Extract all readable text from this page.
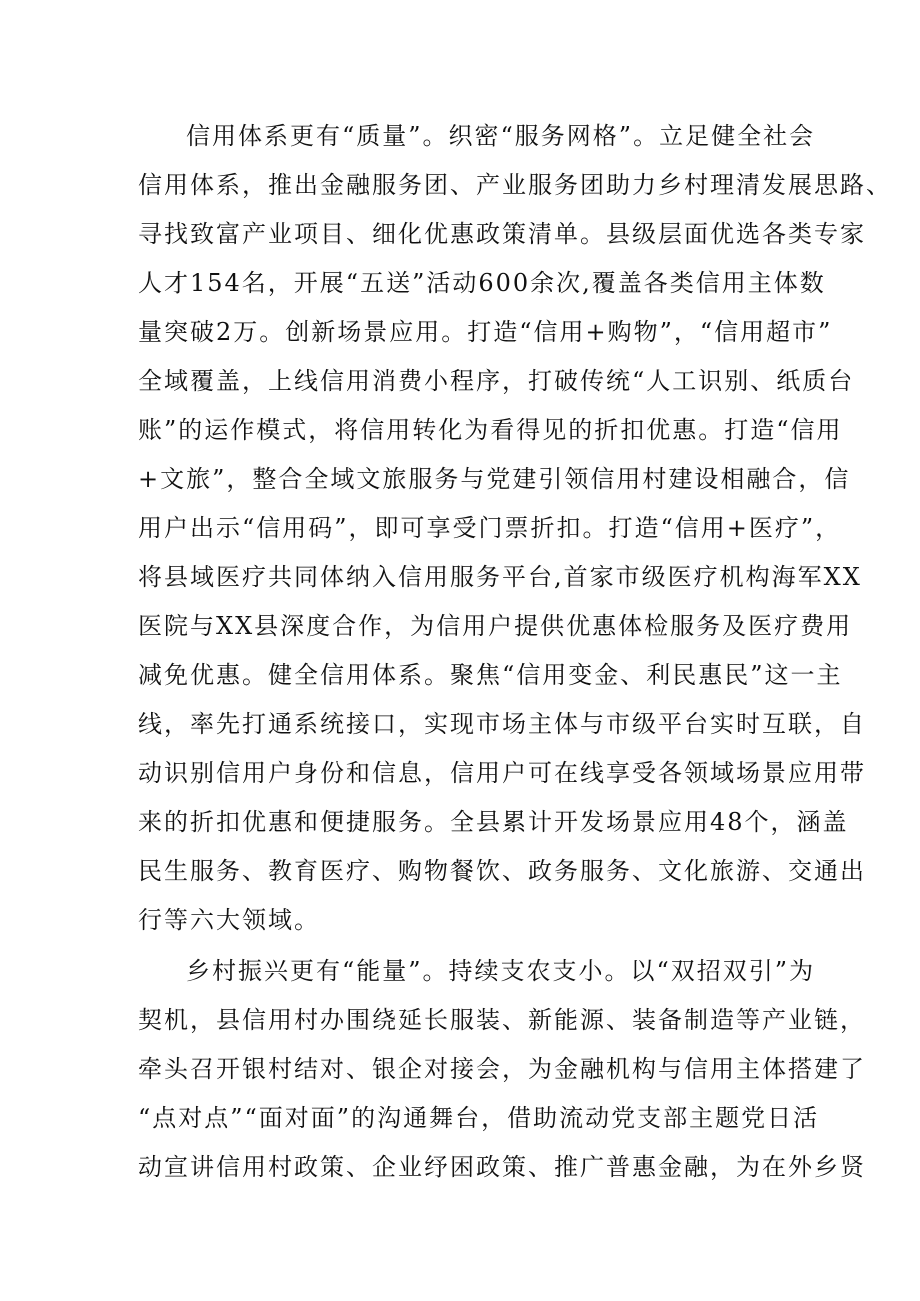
信用体系更有“质量”。织密“服务网格”。立足健全社会
信用体系，推出金融服务团、产业服务团助力乡村理清发展思路、
寻找致富产业项目、细化优惠政策清单。县级层面优选各类专家
人才154名，开展“五送”活动600余次,覆盖各类信用主体数
量突破2万。创新场景应用。打造“信用+购物”，“信用超市”
全域覆盖，上线信用消费小程序，打破传统“人工识别、纸质台
账”的运作模式，将信用转化为看得见的折扣优惠。打造“信用
+文旅”，整合全域文旅服务与党建引领信用村建设相融合，信
用户出示“信用码”，即可享受门票折扣。打造“信用+医疗”，
将县域医疗共同体纳入信用服务平台,首家市级医疗机构海军XX
医院与XX县深度合作，为信用户提供优惠体检服务及医疗费用
减免优惠。健全信用体系。聚焦“信用变金、利民惠民”这一主
线，率先打通系统接口，实现市场主体与市级平台实时互联，自
动识别信用户身份和信息，信用户可在线享受各领域场景应用带
来的折扣优惠和便捷服务。全县累计开发场景应用48个，涵盖
民生服务、教育医疗、购物餐饮、政务服务、文化旅游、交通出
行等六大领域。
乡村振兴更有“能量”。持续支农支小。以“双招双引”为
契机，县信用村办围绕延长服装、新能源、装备制造等产业链，
牵头召开银村结对、银企对接会，为金融机构与信用主体搭建了
“点对点”“面对面”的沟通舞台，借助流动党支部主题党日活
动宣讲信用村政策、企业纾困政策、推广普惠金融，为在外乡贤
